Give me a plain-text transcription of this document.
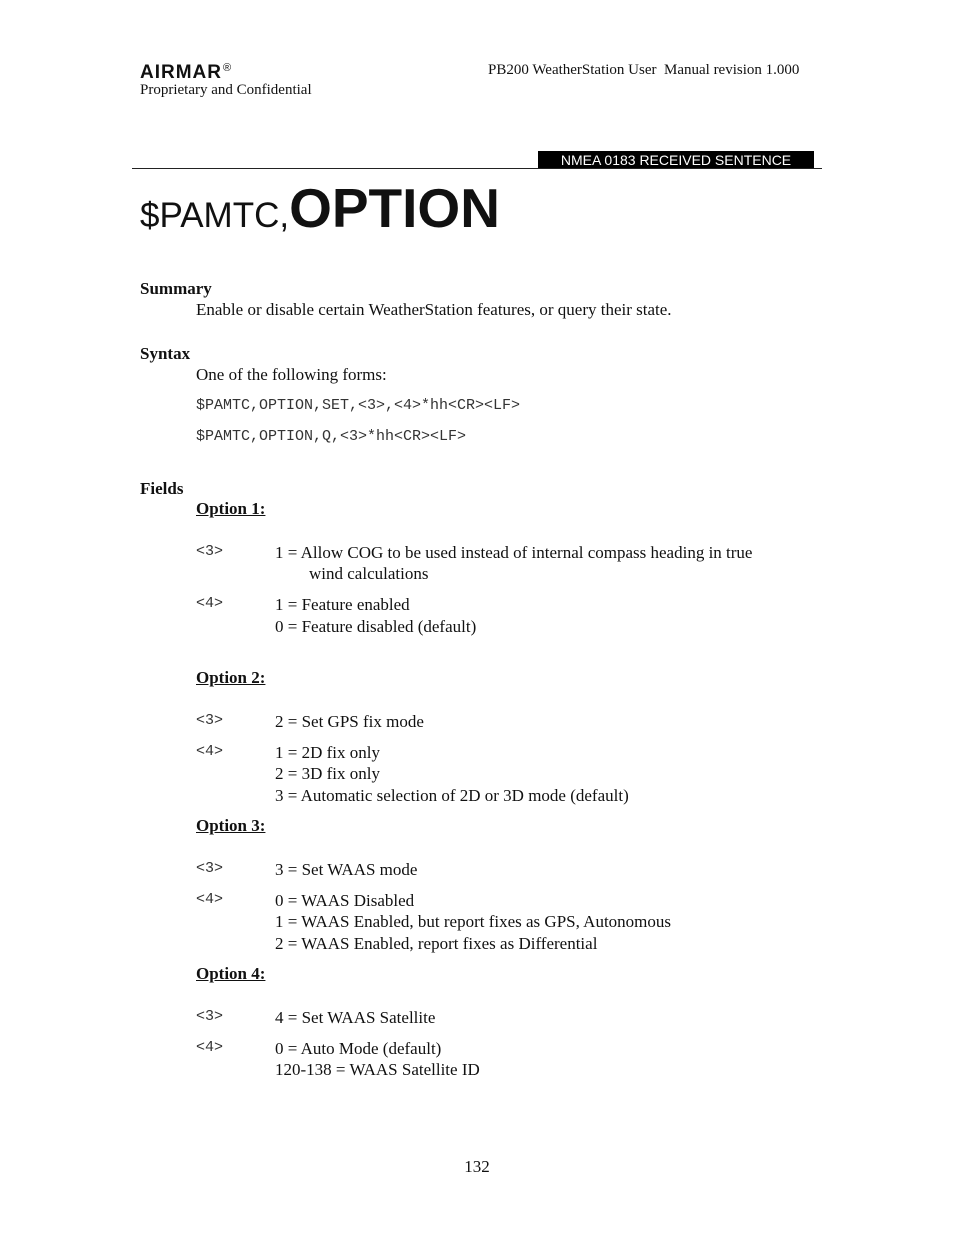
AIRMAR®
Proprietary and Confidential
PB200 WeatherStation User  Manual revision 1.000
NMEA 0183 RECEIVED SENTENCE
$PAMTC,OPTION
Summary
Enable or disable certain WeatherStation features, or query their state.
Syntax
One of the following forms:
$PAMTC,OPTION,SET,<3>,<4>*hh<CR><LF>
$PAMTC,OPTION,Q,<3>*hh<CR><LF>
Fields
Option 1:
<3>	1 = Allow COG to be used instead of internal compass heading in true
wind calculations
<4>	1 = Feature enabled
0 = Feature disabled (default)
Option 2:
<3>	2 = Set GPS fix mode
<4>	1 = 2D fix only
2 = 3D fix only
3 = Automatic selection of 2D or 3D mode (default)
Option 3:
<3>	3 = Set WAAS mode
<4>	0 = WAAS Disabled
1 = WAAS Enabled, but report fixes as GPS, Autonomous
2 = WAAS Enabled, report fixes as Differential
Option 4:
<3>	4 = Set WAAS Satellite
<4>	0 = Auto Mode (default)
120-138 = WAAS Satellite ID
132
